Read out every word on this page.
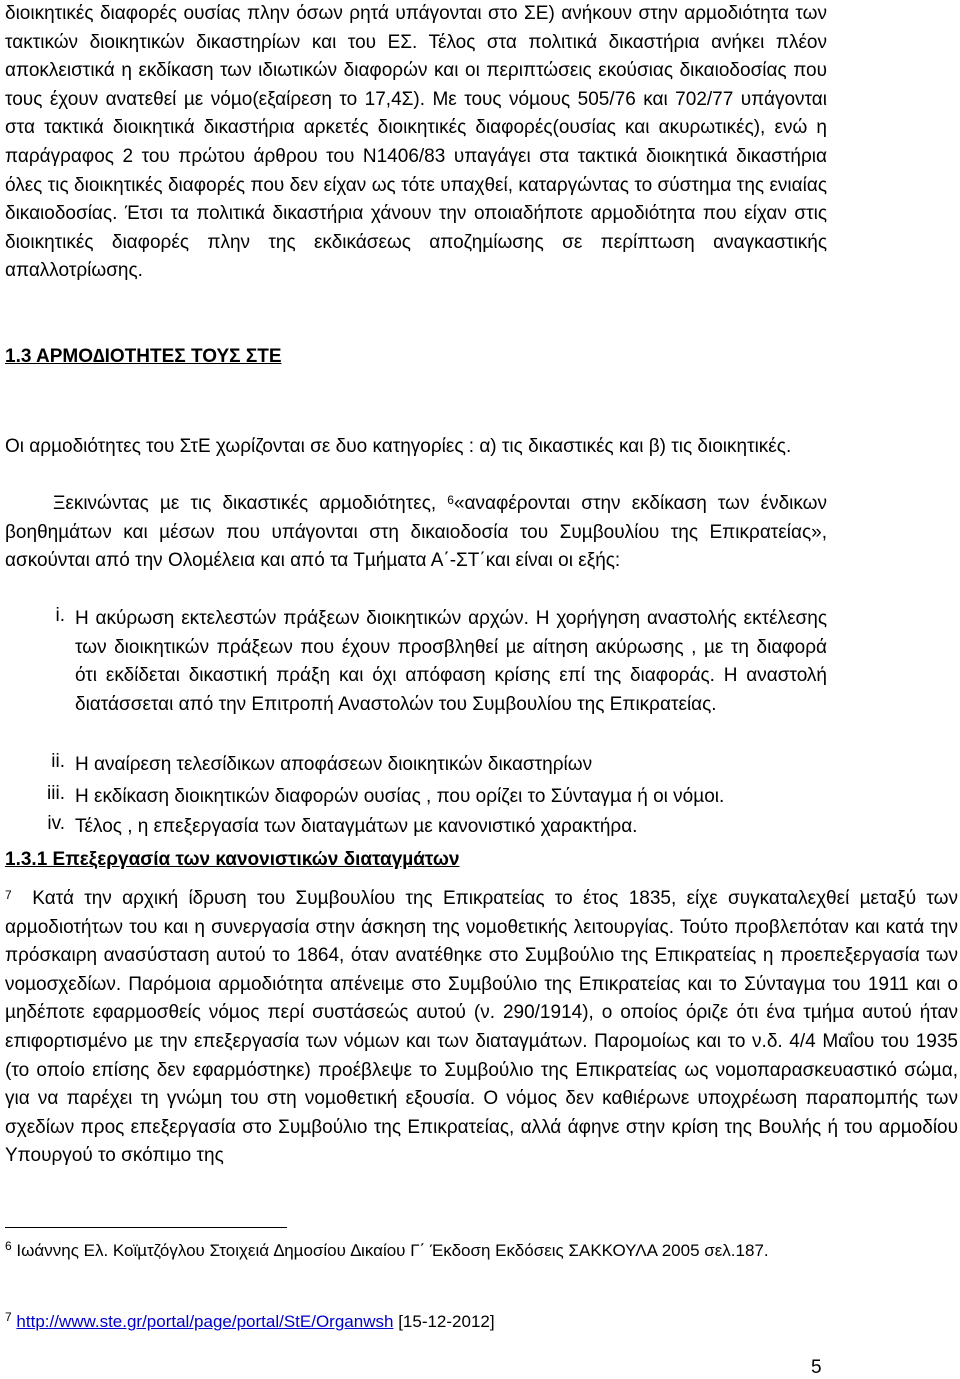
διοικητικές διαφορές ουσίας πλην όσων ρητά υπάγονται στο ΣΕ) ανήκουν στην αρµοδιότητα των τακτικών διοικητικών δικαστηρίων και του ΕΣ. Τέλος στα πολιτικά δικαστήρια ανήκει πλέον αποκλειστικά η εκδίκαση των ιδιωτικών διαφορών και οι περιπτώσεις εκούσιας δικαιοδοσίας που τους έχουν ανατεθεί µε νόµο(εξαίρεση το 17,4Σ). Με τους νόµους 505/76 και 702/77 υπάγονται στα τακτικά διοικητικά δικαστήρια αρκετές διοικητικές διαφορές(ουσίας και ακυρωτικές), ενώ η παράγραφος 2 του πρώτου άρθρου του Ν1406/83 υπαγάγει στα τακτικά διοικητικά δικαστήρια όλες τις διοικητικές διαφορές που δεν είχαν ως τότε υπαχθεί, καταργώντας το σύστηµα της ενιαίας δικαιοδοσίας. Έτσι τα πολιτικά δικαστήρια χάνουν την οποιαδήποτε αρµοδιότητα που είχαν στις διοικητικές διαφορές πλην της εκδικάσεως αποζηµίωσης σε περίπτωση αναγκαστικής απαλλοτρίωσης.

1.3 ΑΡΜΟ∆ΙΟΤΗΤΕΣ ΤΟΥΣ ΣΤΕ

Οι αρµοδιότητες του ΣτΕ χωρίζονται σε δυο κατηγορίες : α) τις δικαστικές και β) τις διοικητικές.

Ξεκινώντας µε τις δικαστικές αρµοδιότητες, $^6$«αναφέρονται στην εκδίκαση των ένδικων βοηθηµάτων και µέσων που υπάγονται στη δικαιοδοσία του Συµβουλίου της Επικρατείας», ασκούνται από την Ολοµέλεια και από τα Τµήµατα Α΄-ΣΤ΄και είναι οι εξής:

i. Η ακύρωση εκτελεστών πράξεων διοικητικών αρχών. Η χορήγηση αναστολής εκτέλεσης των διοικητικών πράξεων που έχουν προσβληθεί µε αίτηση ακύρωσης , µε τη διαφορά ότι εκδίδεται δικαστική πράξη και όχι απόφαση κρίσης επί της διαφοράς. Η αναστολή διατάσσεται από την Επιτροπή Αναστολών του Συµβουλίου της Επικρατείας.
ii. Η αναίρεση τελεσίδικων αποφάσεων διοικητικών δικαστηρίων
iii. Η εκδίκαση διοικητικών διαφορών ουσίας , που ορίζει το Σύνταγµα ή οι νόµοι.
iv. Τέλος , η επεξεργασία των διαταγµάτων µε κανονιστικό χαρακτήρα.
1.3.1 Επεξεργασία των κανονιστικών διαταγµάτων

$^7$ Κατά την αρχική ίδρυση του Συµβουλίου της Επικρατείας το έτος 1835, είχε συγκαταλεχθεί µεταξύ των αρµοδιοτήτων του και η συνεργασία στην άσκηση της νοµοθετικής λειτουργίας. Τούτο προβλεπόταν και κατά την πρόσκαιρη ανασύσταση αυτού το 1864, όταν ανατέθηκε στο Συµβούλιο της Επικρατείας η προεπεξεργασία των νοµοσχεδίων. Παρόµοια αρµοδιότητα απένειµε στο Συµβούλιο της Επικρατείας και το Σύνταγµα του 1911 και ο µηδέποτε εφαρµοσθείς νόµος περί συστάσεώς αυτού (ν. 290/1914), ο οποίος όριζε ότι ένα τµήµα αυτού ήταν επιφορτισµένο µε την επεξεργασία των νόµων και των διαταγµάτων. Παροµοίως και το ν.δ. 4/4 Μαΐου του 1935 (το οποίο επίσης δεν εφαρµόστηκε) προέβλεψε το Συµβούλιο της Επικρατείας ως νοµοπαρασκευαστικό σώµα, για να παρέχει τη γνώµη του στη νοµοθετική εξουσία. Ο νόµος δεν καθιέρωνε υποχρέωση παραποµπής των σχεδίων προς επεξεργασία στο Συµβούλιο της Επικρατείας, αλλά άφηνε στην κρίση της Βουλής ή του αρµοδίου Υπουργού το σκόπιµο της

$^6$ Ιωάννης Ελ. Κοϊµτζόγλου Στοιχειά ∆ηµοσίου ∆ικαίου Γ΄ Έκδοση Εκδόσεις ΣΑΚΚΟΥΛΑ 2005 σελ.187.
$^7$ http://www.ste.gr/portal/page/portal/StE/Organwsh [15-12-2012]
5
